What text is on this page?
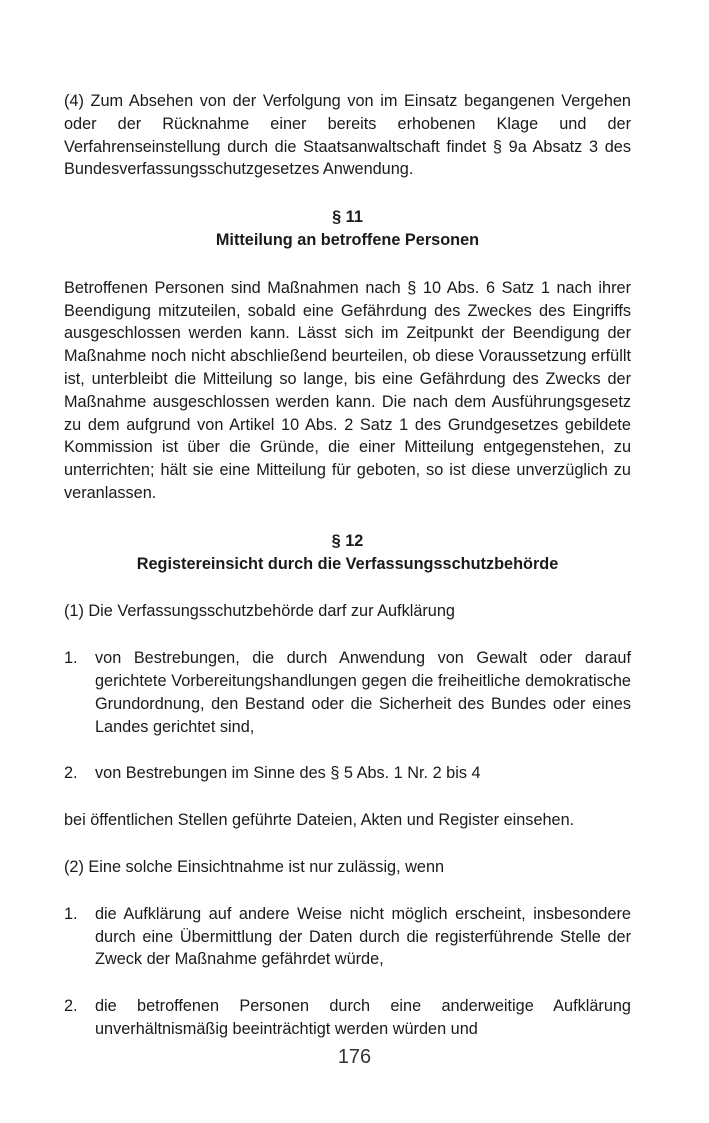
(4) Zum Absehen von der Verfolgung von im Einsatz begangenen Vergehen oder der Rücknahme einer bereits erhobenen Klage und der Verfahrenseinstellung durch die Staatsanwaltschaft findet § 9a Absatz 3 des Bundesverfassungsschutzgesetzes Anwendung.

§ 11

Mitteilung an betroffene Personen

Betroffenen Personen sind Maßnahmen nach § 10 Abs. 6 Satz 1 nach ihrer Beendigung mitzuteilen, sobald eine Gefährdung des Zweckes des Eingriffs ausgeschlossen werden kann. Lässt sich im Zeitpunkt der Beendigung der Maßnahme noch nicht abschließend beurteilen, ob diese Voraussetzung erfüllt ist, unterbleibt die Mitteilung so lange, bis eine Gefährdung des Zwecks der Maßnahme ausgeschlossen werden kann. Die nach dem Ausführungsgesetz zu dem aufgrund von Artikel 10 Abs. 2 Satz 1 des Grundgesetzes gebildete Kommission ist über die Gründe, die einer Mitteilung entgegenstehen, zu unterrichten; hält sie eine Mitteilung für geboten, so ist diese unverzüglich zu veranlassen.

§ 12

Registereinsicht durch die Verfassungsschutzbehörde

(1) Die Verfassungsschutzbehörde darf zur Aufklärung

1.	von Bestrebungen, die durch Anwendung von Gewalt oder darauf gerichtete Vorbereitungshandlungen gegen die freiheitliche demokratische Grundordnung, den Bestand oder die Sicherheit des Bundes oder eines Landes gerichtet sind,
2.	von Bestrebungen im Sinne des § 5 Abs. 1 Nr. 2 bis 4

bei öffentlichen Stellen geführte Dateien, Akten und Register einsehen.

(2) Eine solche Einsichtnahme ist nur zulässig, wenn

1.	die Aufklärung auf andere Weise nicht möglich erscheint, insbesondere durch eine Übermittlung der Daten durch die registerführende Stelle der Zweck der Maßnahme gefährdet würde,
2.	die betroffenen Personen durch eine anderweitige Aufklärung unverhältnismäßig beeinträchtigt werden würden und
176
